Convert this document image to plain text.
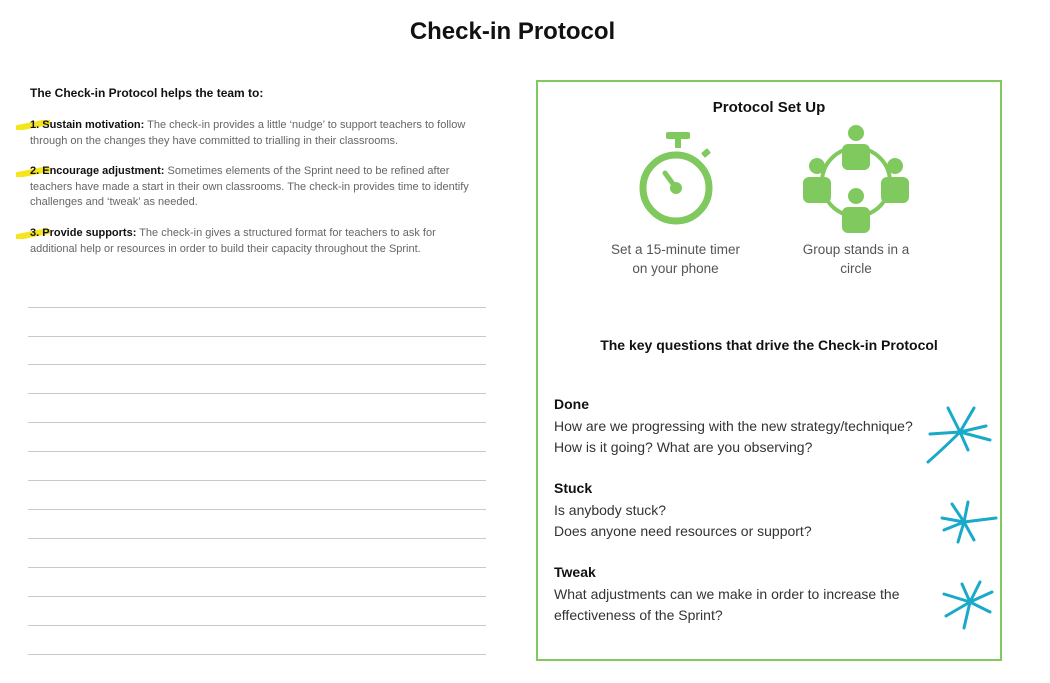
Check-in Protocol
The Check-in Protocol helps the team to:
1. Sustain motivation: The check-in provides a little ‘nudge’ to support teachers to follow through on the changes they have committed to trialling in their classrooms.
2. Encourage adjustment: Sometimes elements of the Sprint need to be refined after teachers have made a start in their own classrooms. The check-in provides time to identify challenges and ‘tweak’ as needed.
3. Provide supports: The check-in gives a structured format for teachers to ask for additional help or resources in order to build their capacity throughout the Sprint.
Protocol Set Up
Set a 15-minute timer
on your phone
Group stands in a
circle
The key questions that drive the Check-in Protocol
Done
How are we progressing with the new strategy/technique?
How is it going? What are you observing?
Stuck
Is anybody stuck?
Does anyone need resources or support?
Tweak
What adjustments can we make in order to increase the
effectiveness of the Sprint?
